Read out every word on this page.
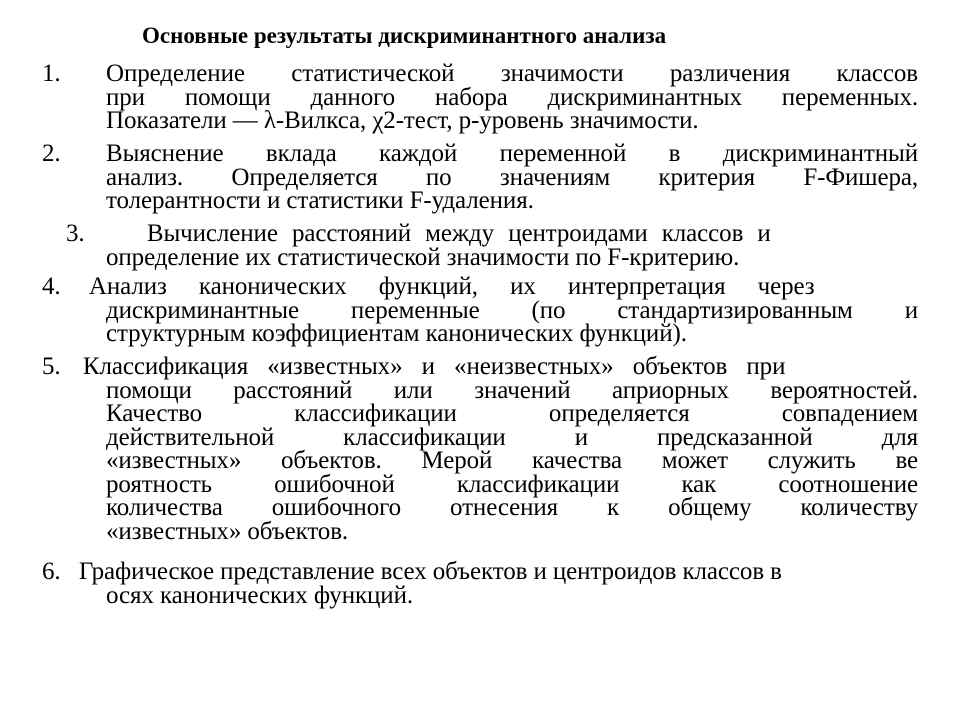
Основные результаты дискриминантного анализа
1. Определение статистической значимости различения классов
при помощи данного набора дискриминантных переменных.
Показатели — λ-Вилкса, χ2-тест, р-уровень значимости.
2. Выяснение вклада каждой переменной в дискриминантный
анализ. Определяется по значениям критерия F-Фишера,
толерантности и статистики F-удаления.
3. Вычисление расстояний между центроидами классов и
определение их статистической значимости по F-критерию.
4. Анализ канонических функций, их интерпретация через
дискриминантные переменные (по стандартизированным и
структурным коэффициентам канонических функций).
5. Классификация «известных» и «неизвестных» объектов при
помощи расстояний или значений априорных вероятностей.
Качество классификации определяется совпадением
действительной классификации и предсказанной для
«известных» объектов. Мерой качества может служить ве
роятность ошибочной классификации как соотношение
количества ошибочного отнесения к общему количеству
«известных» объектов.
6. Графическое представление всех объектов и центроидов классов в
осях канонических функций.
